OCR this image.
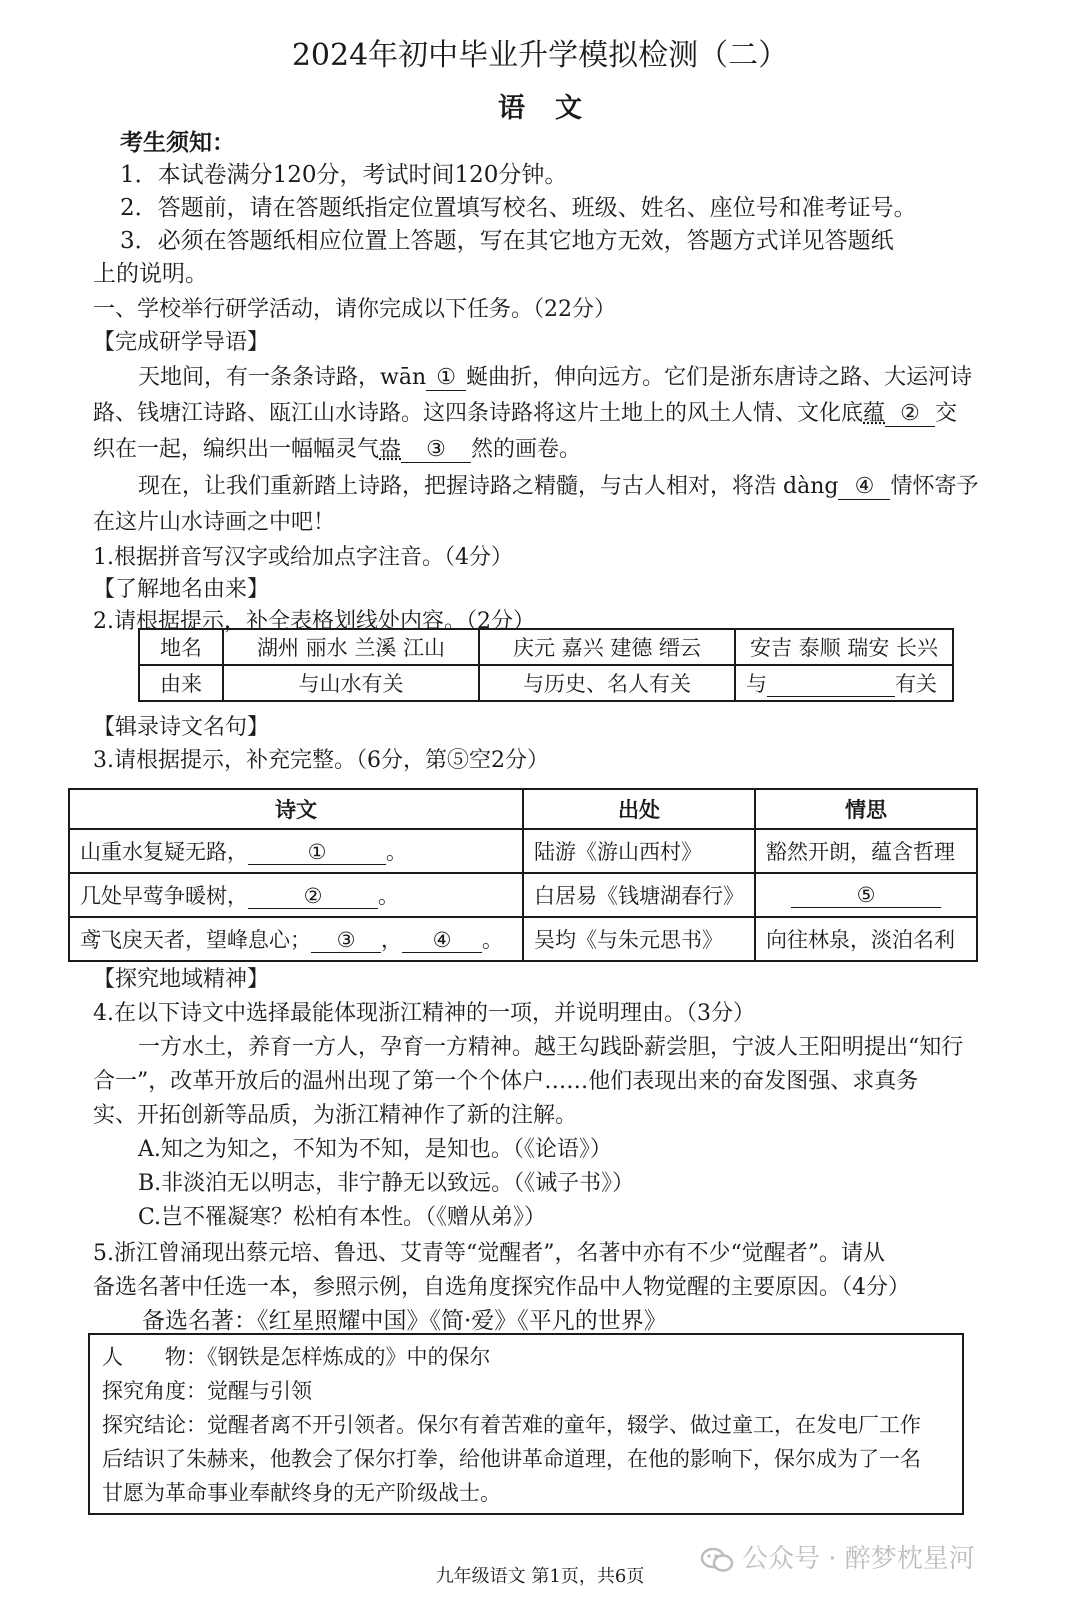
2024年初中毕业升学模拟检测（二）
语文
考生须知：
1．本试卷满分120分，考试时间120分钟。
2．答题前，请在答题纸指定位置填写校名、班级、姓名、座位号和准考证号。
3．必须在答题纸相应位置上答题，写在其它地方无效，答题方式详见答题纸
上的说明。
一、学校举行研学活动，请你完成以下任务。（22分）
【完成研学导语】
天地间，有一条条诗路，wān ① 蜒曲折，伸向远方。它们是浙东唐诗之路、大运河诗
路、钱塘江诗路、瓯江山水诗路。这四条诗路将这片土地上的风土人情、文化底蕴 ② 交
织在一起，编织出一幅幅灵气盎 ③ 然的画卷。
现在，让我们重新踏上诗路，把握诗路之精髓，与古人相对，将浩 dàng ④ 情怀寄予
在这片山水诗画之中吧！
1.根据拼音写汉字或给加点字注音。（4分）
【了解地名由来】
2.请根据提示，补全表格划线处内容。（2分）
地名	湖州 丽水 兰溪 江山	庆元 嘉兴 建德 缙云	安吉 泰顺 瑞安 长兴
由来	与山水有关	与历史、名人有关	与 有关
【辑录诗文名句】
3.请根据提示，补充完整。（6分，第⑤空2分）
诗文	出处	情思
山重水复疑无路， ① 。	陆游《游山西村》	豁然开朗，蕴含哲理
几处早莺争暖树， ② 。	白居易《钱塘湖春行》	⑤
鸢飞戾天者，望峰息心； ③ ， ④ 。	吴均《与朱元思书》	向往林泉，淡泊名利
【探究地域精神】
4.在以下诗文中选择最能体现浙江精神的一项，并说明理由。（3分）
一方水土，养育一方人，孕育一方精神。越王勾践卧薪尝胆，宁波人王阳明提出“知行
合一”，改革开放后的温州出现了第一个个体户……他们表现出来的奋发图强、求真务
实、开拓创新等品质，为浙江精神作了新的注解。
A.知之为知之，不知为不知，是知也。（《论语》）
B.非淡泊无以明志，非宁静无以致远。（《诫子书》）
C.岂不罹凝寒？松柏有本性。（《赠从弟》）
5.浙江曾涌现出蔡元培、鲁迅、艾青等“觉醒者”，名著中亦有不少“觉醒者”。请从
备选名著中任选一本，参照示例，自选角度探究作品中人物觉醒的主要原因。（4分）
备选名著：《红星照耀中国》《简·爱》《平凡的世界》
人　　物：《钢铁是怎样炼成的》中的保尔
探究角度：觉醒与引领
探究结论：觉醒者离不开引领者。保尔有着苦难的童年，辍学、做过童工，在发电厂工作
后结识了朱赫来，他教会了保尔打拳，给他讲革命道理，在他的影响下，保尔成为了一名
甘愿为革命事业奉献终身的无产阶级战士。
九年级语文 第1页，共6页
公众号 · 醉梦枕星河
